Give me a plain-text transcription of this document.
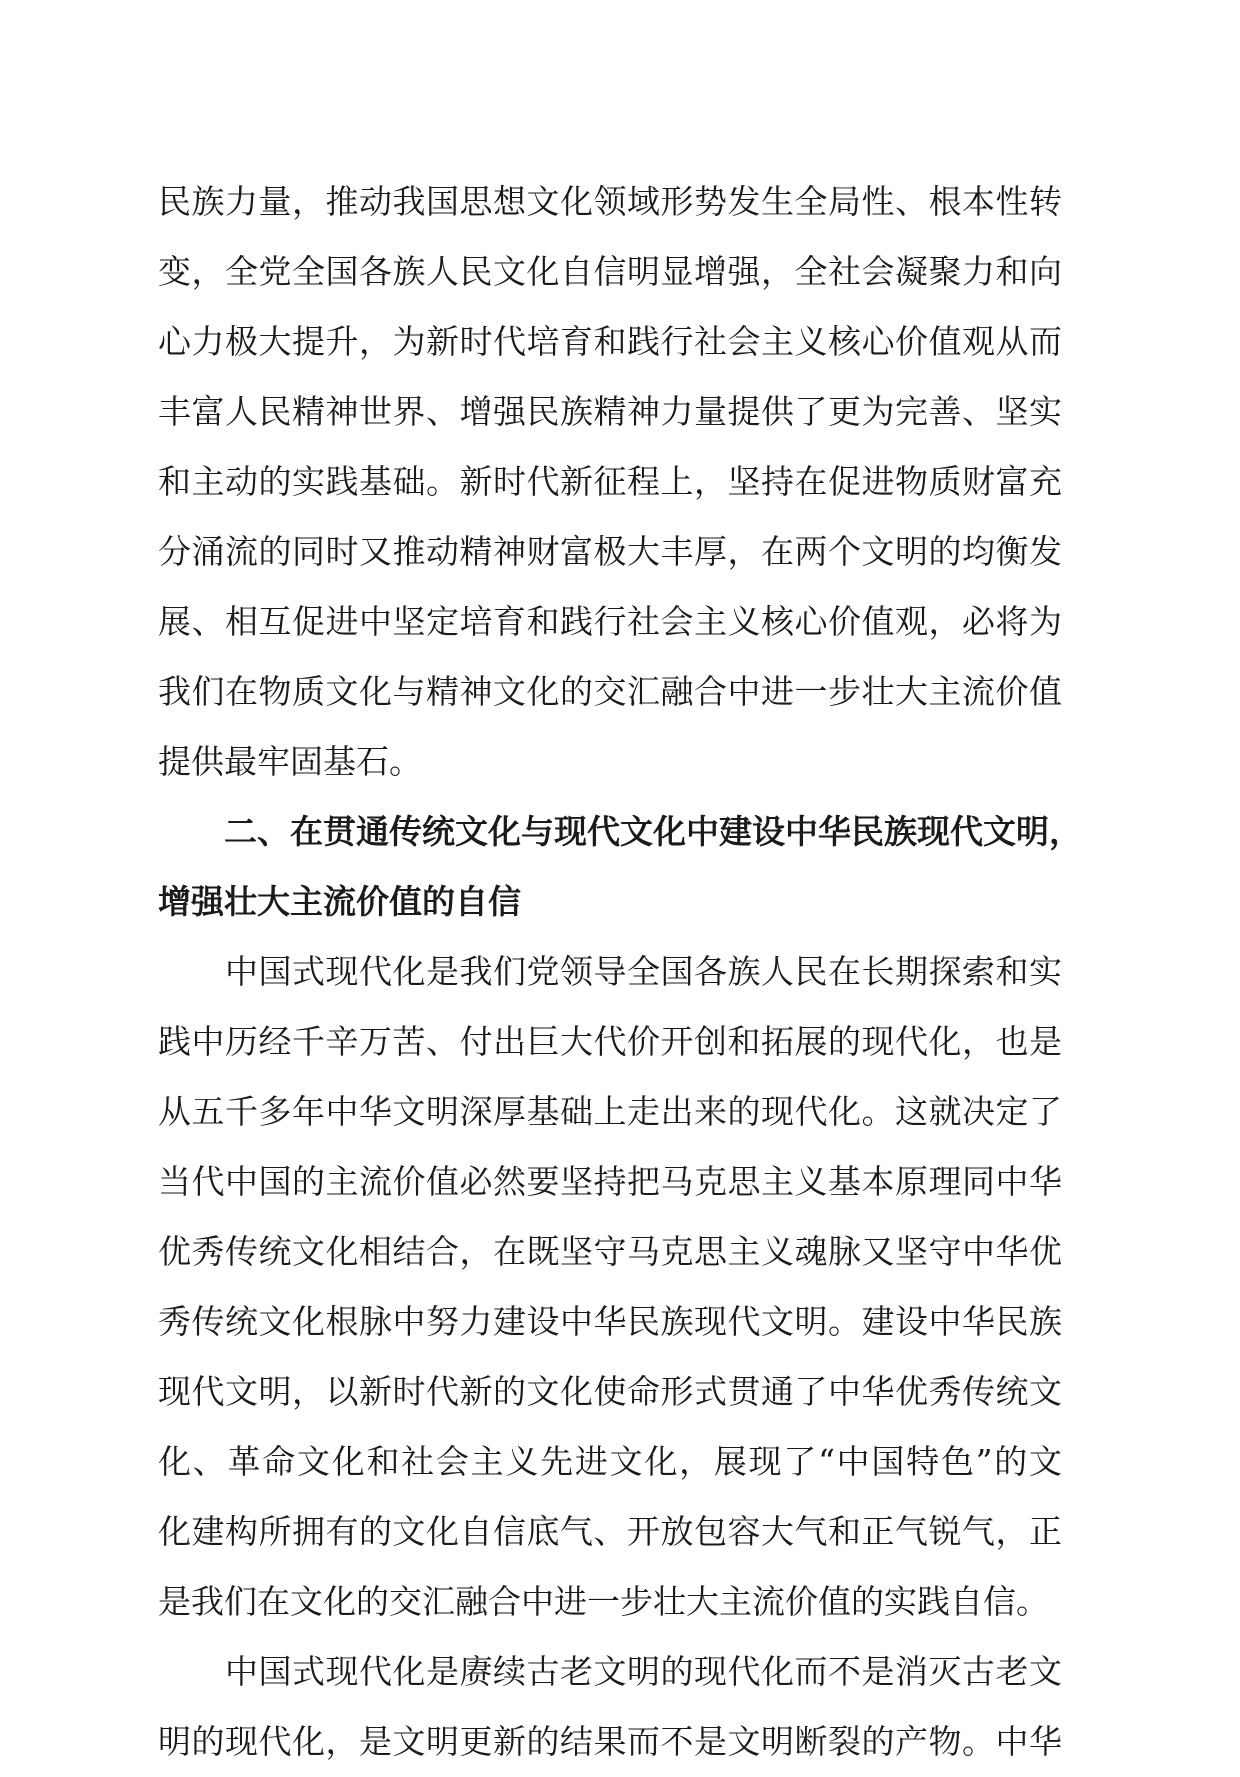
民族力量，推动我国思想文化领域形势发生全局性、根本性转
变，全党全国各族人民文化自信明显增强，全社会凝聚力和向
心力极大提升，为新时代培育和践行社会主义核心价值观从而
丰富人民精神世界、增强民族精神力量提供了更为完善、坚实
和主动的实践基础。新时代新征程上，坚持在促进物质财富充
分涌流的同时又推动精神财富极大丰厚，在两个文明的均衡发
展、相互促进中坚定培育和践行社会主义核心价值观，必将为
我们在物质文化与精神文化的交汇融合中进一步壮大主流价值
提供最牢固基石。
　　二、在贯通传统文化与现代文化中建设中华民族现代文明，
增强壮大主流价值的自信
　　中国式现代化是我们党领导全国各族人民在长期探索和实
践中历经千辛万苦、付出巨大代价开创和拓展的现代化，也是
从五千多年中华文明深厚基础上走出来的现代化。这就决定了
当代中国的主流价值必然要坚持把马克思主义基本原理同中华
优秀传统文化相结合，在既坚守马克思主义魂脉又坚守中华优
秀传统文化根脉中努力建设中华民族现代文明。建设中华民族
现代文明，以新时代新的文化使命形式贯通了中华优秀传统文
化、革命文化和社会主义先进文化，展现了“中国特色”的文
化建构所拥有的文化自信底气、开放包容大气和正气锐气，正
是我们在文化的交汇融合中进一步壮大主流价值的实践自信。
　　中国式现代化是赓续古老文明的现代化而不是消灭古老文
明的现代化，是文明更新的结果而不是文明断裂的产物。中华
